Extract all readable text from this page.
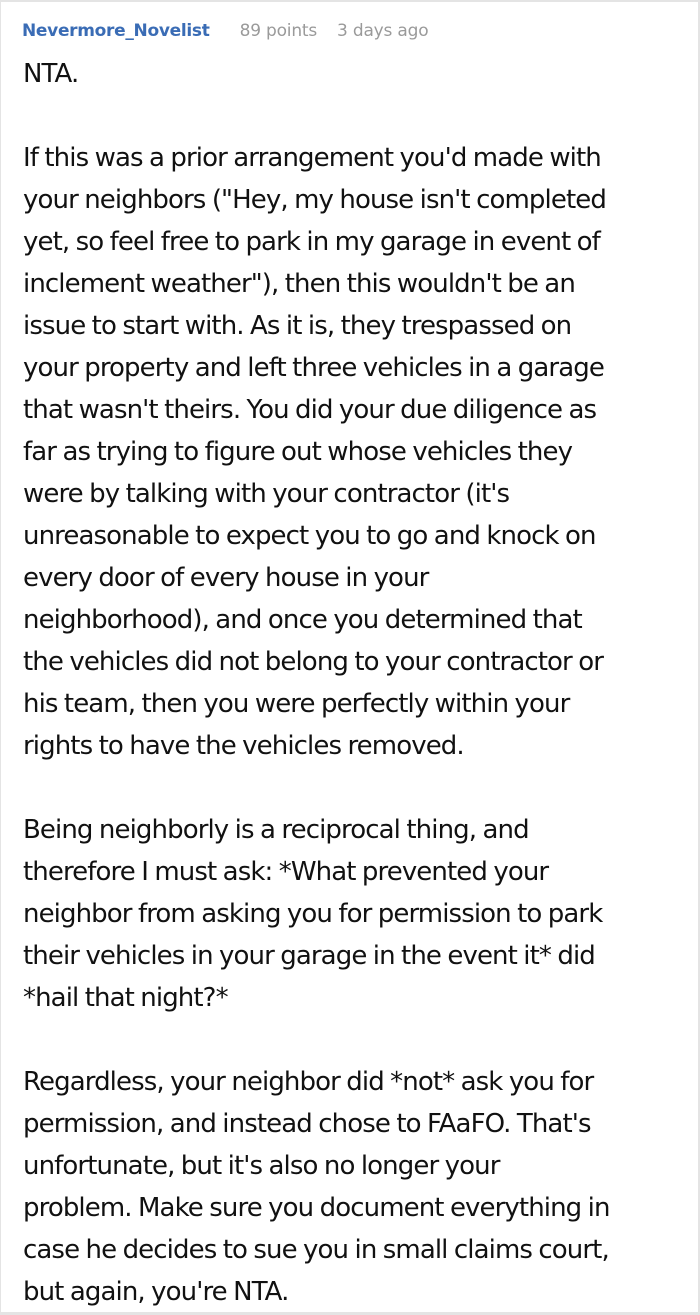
Nevermore_Novelist 89 points 3 days ago
NTA.
If this was a prior arrangement you'd made with
your neighbors ("Hey, my house isn't completed
yet, so feel free to park in my garage in event of
inclement weather"), then this wouldn't be an
issue to start with. As it is, they trespassed on
your property and left three vehicles in a garage
that wasn't theirs. You did your due diligence as
far as trying to figure out whose vehicles they
were by talking with your contractor (it's
unreasonable to expect you to go and knock on
every door of every house in your
neighborhood), and once you determined that
the vehicles did not belong to your contractor or
his team, then you were perfectly within your
rights to have the vehicles removed.
Being neighborly is a reciprocal thing, and
therefore I must ask: *What prevented your
neighbor from asking you for permission to park
their vehicles in your garage in the event it* did
*hail that night?*
Regardless, your neighbor did *not* ask you for
permission, and instead chose to FAaFO. That's
unfortunate, but it's also no longer your
problem. Make sure you document everything in
case he decides to sue you in small claims court,
but again, you're NTA.
